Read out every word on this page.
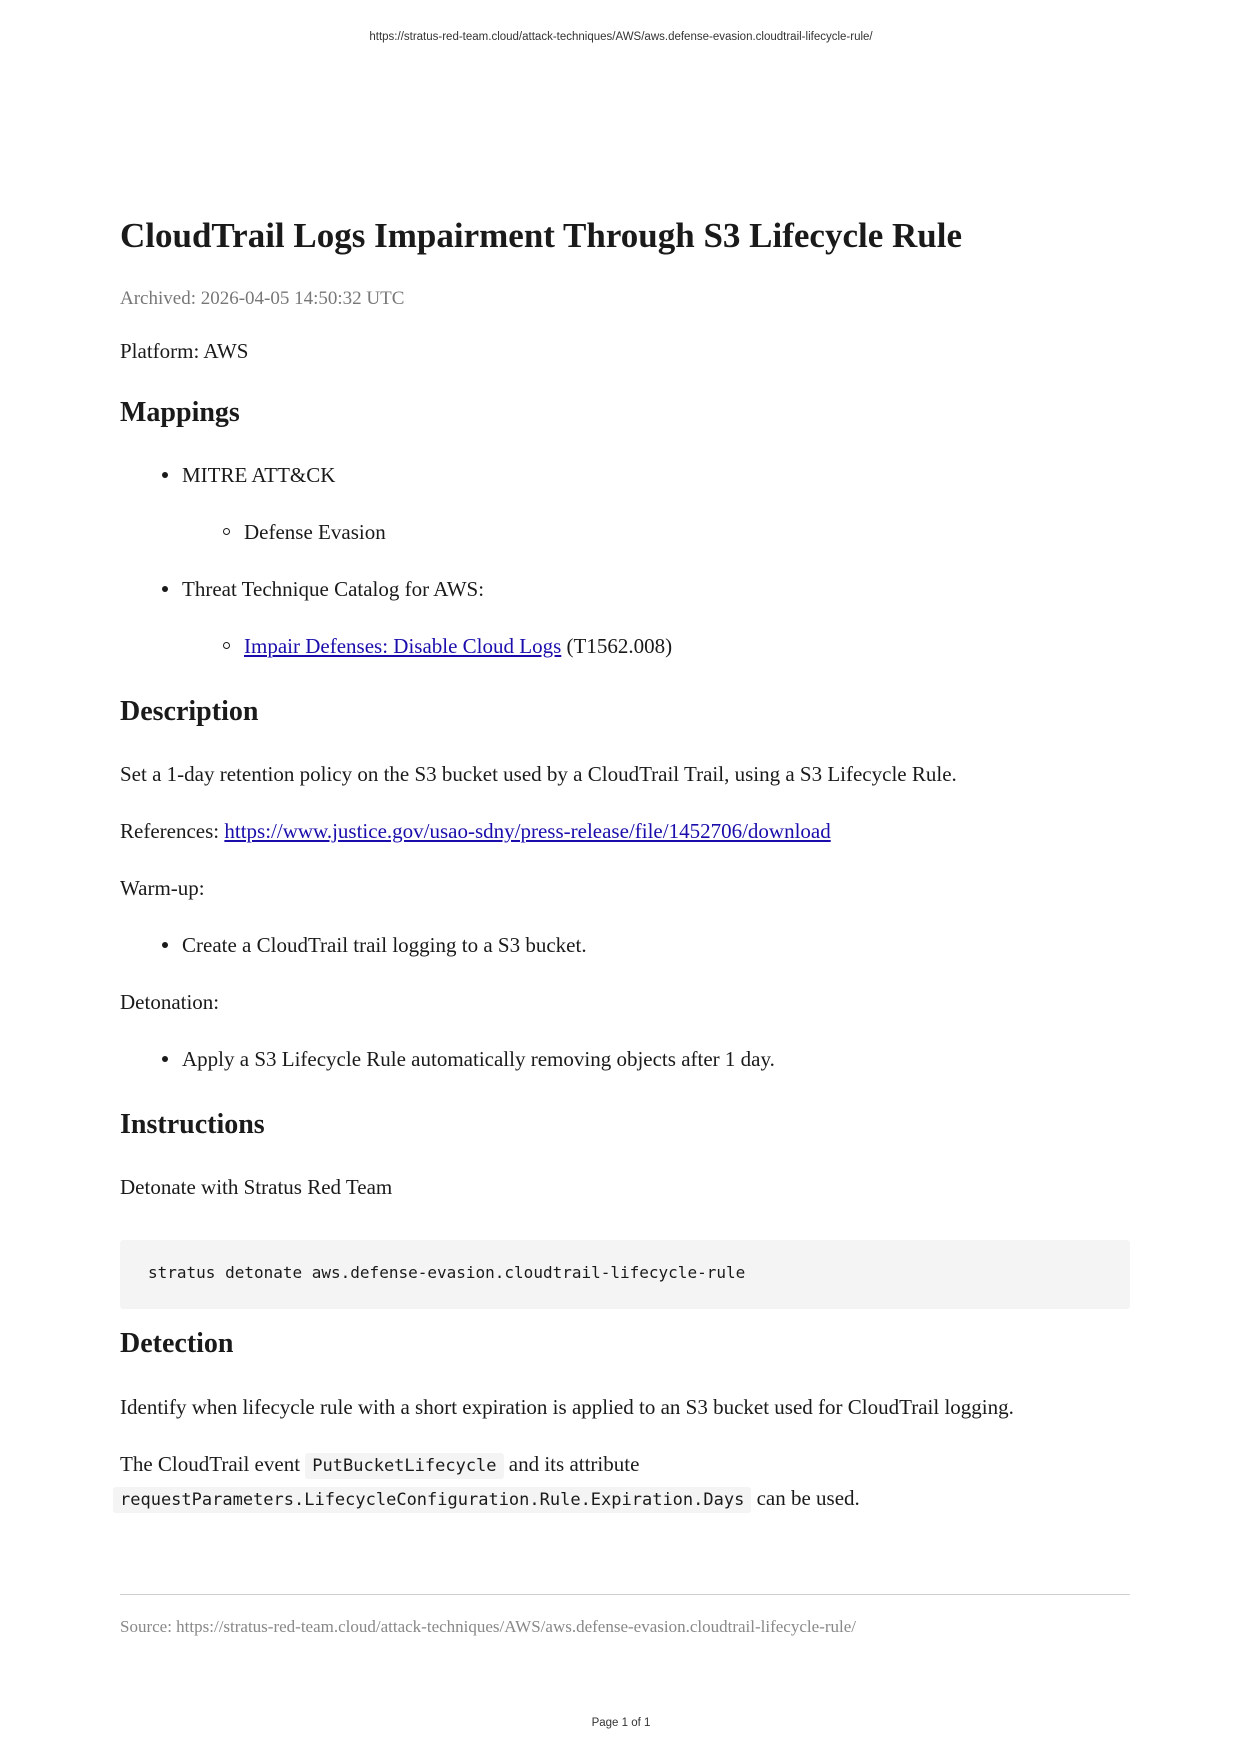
https://stratus-red-team.cloud/attack-techniques/AWS/aws.defense-evasion.cloudtrail-lifecycle-rule/
CloudTrail Logs Impairment Through S3 Lifecycle Rule
Archived: 2026-04-05 14:50:32 UTC
Platform: AWS
Mappings
MITRE ATT&CK
Defense Evasion
Threat Technique Catalog for AWS:
Impair Defenses: Disable Cloud Logs (T1562.008)
Description
Set a 1-day retention policy on the S3 bucket used by a CloudTrail Trail, using a S3 Lifecycle Rule.
References: https://www.justice.gov/usao-sdny/press-release/file/1452706/download
Warm-up:
Create a CloudTrail trail logging to a S3 bucket.
Detonation:
Apply a S3 Lifecycle Rule automatically removing objects after 1 day.
Instructions
Detonate with Stratus Red Team
stratus detonate aws.defense-evasion.cloudtrail-lifecycle-rule
Detection
Identify when lifecycle rule with a short expiration is applied to an S3 bucket used for CloudTrail logging.
The CloudTrail event PutBucketLifecycle and its attribute
requestParameters.LifecycleConfiguration.Rule.Expiration.Days can be used.
Source: https://stratus-red-team.cloud/attack-techniques/AWS/aws.defense-evasion.cloudtrail-lifecycle-rule/
Page 1 of 1
